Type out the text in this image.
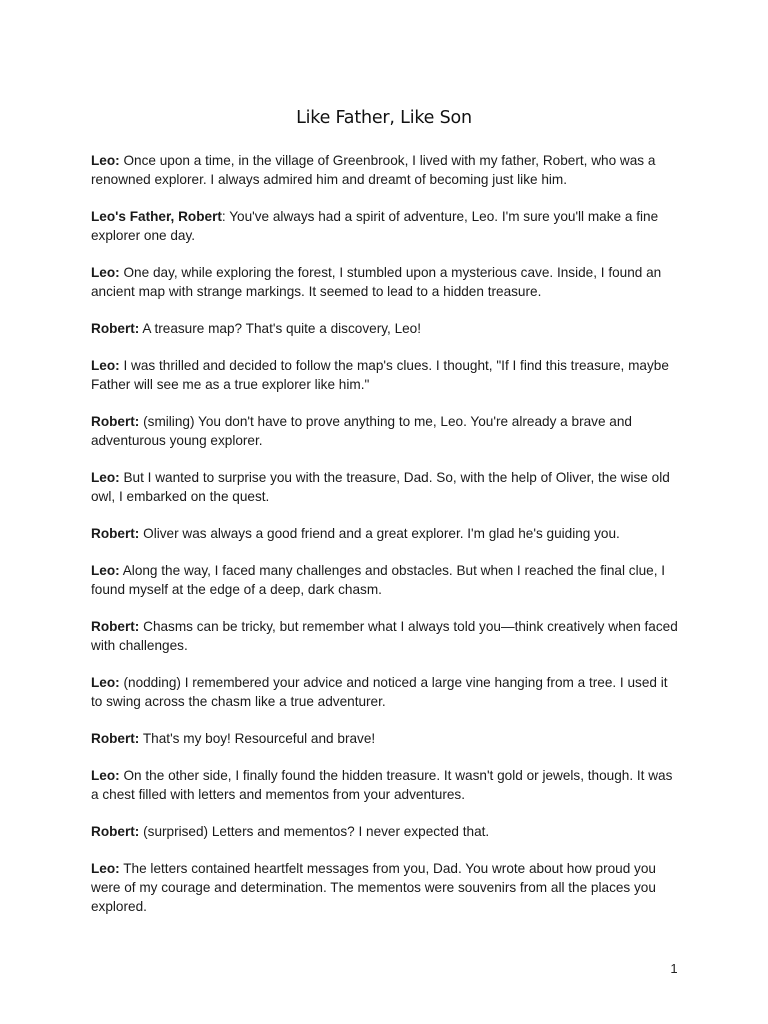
Like Father, Like Son

Leo: Once upon a time, in the village of Greenbrook, I lived with my father, Robert, who was a renowned explorer. I always admired him and dreamt of becoming just like him.

Leo's Father, Robert: You've always had a spirit of adventure, Leo. I'm sure you'll make a fine explorer one day.

Leo: One day, while exploring the forest, I stumbled upon a mysterious cave. Inside, I found an ancient map with strange markings. It seemed to lead to a hidden treasure.

Robert: A treasure map? That's quite a discovery, Leo!

Leo: I was thrilled and decided to follow the map's clues. I thought, "If I find this treasure, maybe Father will see me as a true explorer like him."

Robert: (smiling) You don't have to prove anything to me, Leo. You're already a brave and adventurous young explorer.

Leo: But I wanted to surprise you with the treasure, Dad. So, with the help of Oliver, the wise old owl, I embarked on the quest.

Robert: Oliver was always a good friend and a great explorer. I'm glad he's guiding you.

Leo: Along the way, I faced many challenges and obstacles. But when I reached the final clue, I found myself at the edge of a deep, dark chasm.

Robert: Chasms can be tricky, but remember what I always told you—think creatively when faced with challenges.

Leo: (nodding) I remembered your advice and noticed a large vine hanging from a tree. I used it to swing across the chasm like a true adventurer.

Robert: That's my boy! Resourceful and brave!

Leo: On the other side, I finally found the hidden treasure. It wasn't gold or jewels, though. It was a chest filled with letters and mementos from your adventures.

Robert: (surprised) Letters and mementos? I never expected that.

Leo: The letters contained heartfelt messages from you, Dad. You wrote about how proud you were of my courage and determination. The mementos were souvenirs from all the places you explored.

1
